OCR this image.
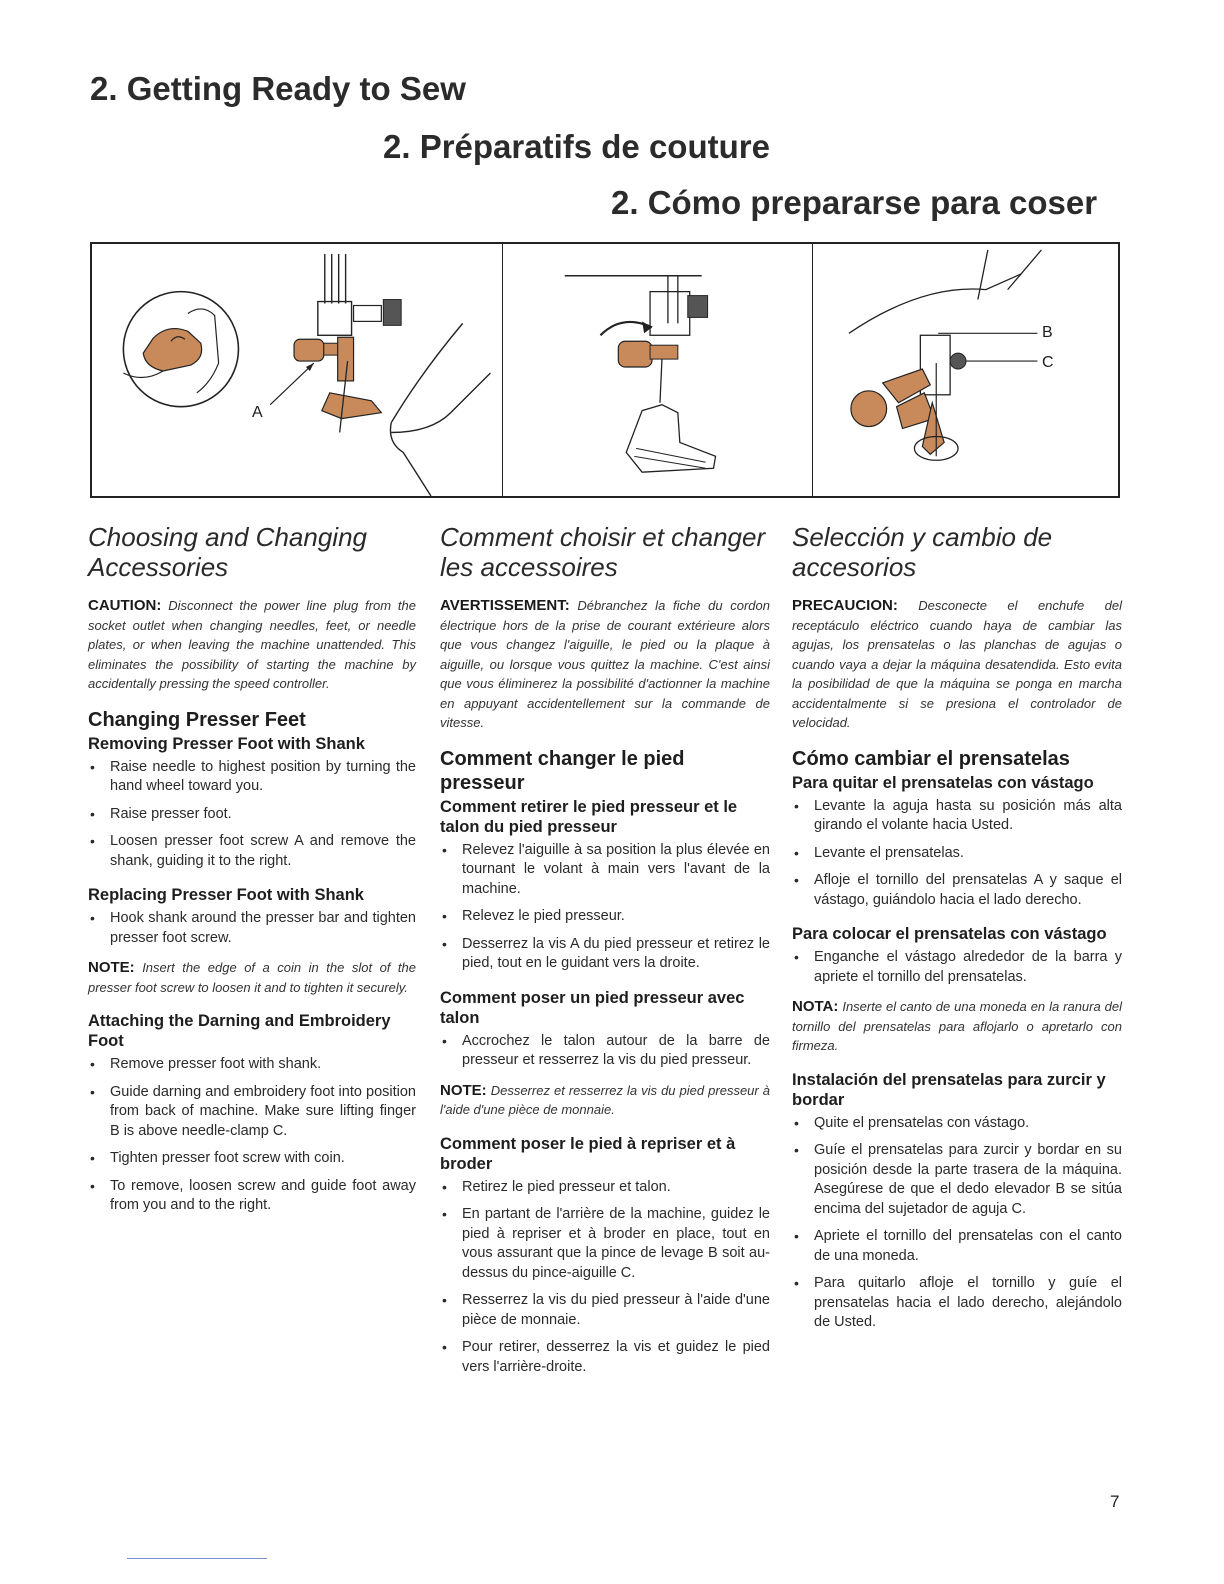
2. Getting Ready to Sew
2. Préparatifs de couture
2. Cómo prepararse para coser
A
B
C
Choosing and Changing Accessories

CAUTION: Disconnect the power line plug from the socket outlet when changing needles, feet, or needle plates, or when leaving the machine unattended. This eliminates the possibility of starting the machine by accidentally pressing the speed controller.

Changing Presser Feet
Removing Presser Foot with Shank
• Raise needle to highest position by turning the hand wheel toward you.
• Raise presser foot.
• Loosen presser foot screw A and remove the shank, guiding it to the right.
Replacing Presser Foot with Shank
• Hook shank around the presser bar and tighten presser foot screw.

NOTE: Insert the edge of a coin in the slot of the presser foot screw to loosen it and to tighten it securely.

Attaching the Darning and Embroidery Foot
• Remove presser foot with shank.
• Guide darning and embroidery foot into position from back of machine. Make sure lifting finger B is above needle-clamp C.
• Tighten presser foot screw with coin.
• To remove, loosen screw and guide foot away from you and to the right.
Comment choisir et changer les accessoires

AVERTISSEMENT: Débranchez la fiche du cordon électrique hors de la prise de courant extérieure alors que vous changez l'aiguille, le pied ou la plaque à aiguille, ou lorsque vous quittez la machine. C'est ainsi que vous éliminerez la possibilité d'actionner la machine en appuyant accidentellement sur la commande de vitesse.

Comment changer le pied presseur
Comment retirer le pied presseur et le talon du pied presseur
• Relevez l'aiguille à sa position la plus élevée en tournant le volant à main vers l'avant de la machine.
• Relevez le pied presseur.
• Desserrez la vis A du pied presseur et retirez le pied, tout en le guidant vers la droite.
Comment poser un pied presseur avec talon
• Accrochez le talon autour de la barre de presseur et resserrez la vis du pied presseur.

NOTE: Desserrez et resserrez la vis du pied presseur à l'aide d'une pièce de monnaie.

Comment poser le pied à repriser et à broder
• Retirez le pied presseur et talon.
• En partant de l'arrière de la machine, guidez le pied à repriser et à broder en place, tout en vous assurant que la pince de levage B soit au-dessus du pince-aiguille C.
• Resserrez la vis du pied presseur à l'aide d'une pièce de monnaie.
• Pour retirer, desserrez la vis et guidez le pied vers l'arrière-droite.
Selección y cambio de accesorios

PRECAUCION: Desconecte el enchufe del receptáculo eléctrico cuando haya de cambiar las agujas, los prensatelas o las planchas de agujas o cuando vaya a dejar la máquina desatendida. Esto evita la posibilidad de que la máquina se ponga en marcha accidentalmente si se presiona el controlador de velocidad.

Cómo cambiar el prensatelas
Para quitar el prensatelas con vástago
• Levante la aguja hasta su posición más alta girando el volante hacia Usted.
• Levante el prensatelas.
• Afloje el tornillo del prensatelas A y saque el vástago, guiándolo hacia el lado derecho.
Para colocar el prensatelas con vástago
• Enganche el vástago alrededor de la barra y apriete el tornillo del prensatelas.

NOTA: Inserte el canto de una moneda en la ranura del tornillo del prensatelas para aflojarlo o apretarlo con firmeza.

Instalación del prensatelas para zurcir y bordar
• Quite el prensatelas con vástago.
• Guíe el prensatelas para zurcir y bordar en su posición desde la parte trasera de la máquina. Asegúrese de que el dedo elevador B se sitúa encima del sujetador de aguja C.
• Apriete el tornillo del prensatelas con el canto de una moneda.
• Para quitarlo afloje el tornillo y guíe el prensatelas hacia el lado derecho, alejándolo de Usted.
7
